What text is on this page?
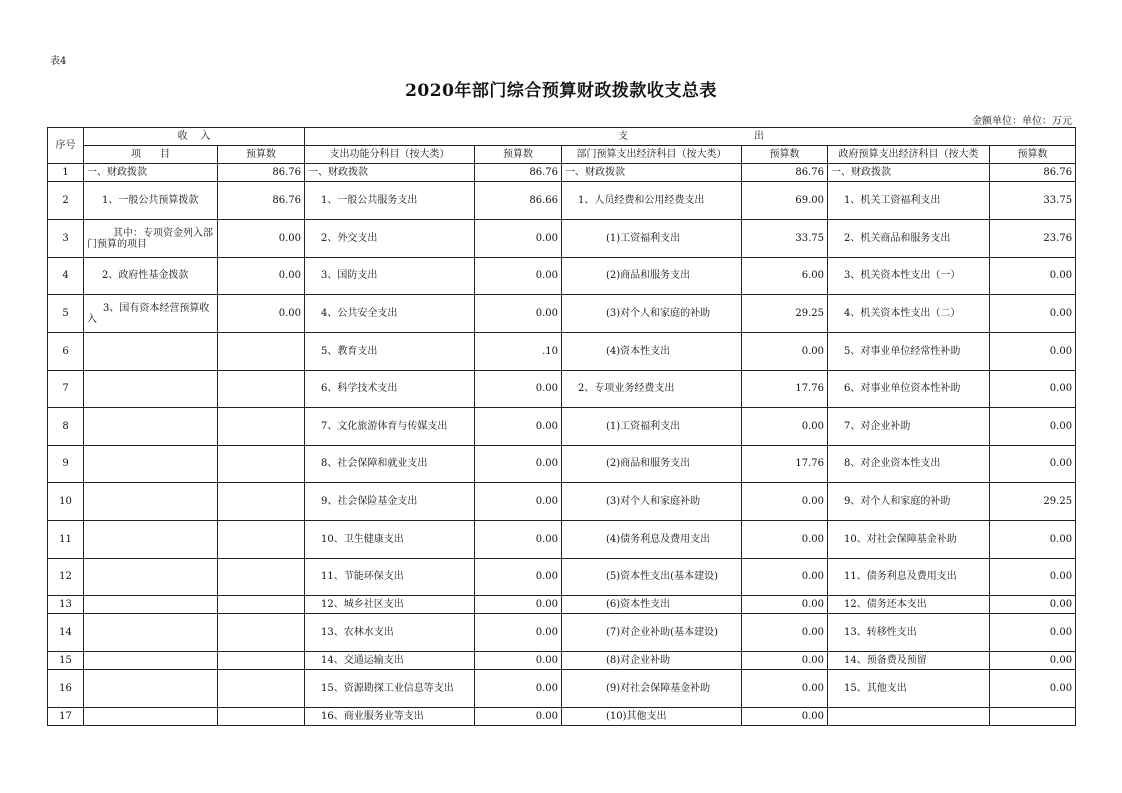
表4
2020年部门综合预算财政拨款收支总表
金额单位：单位：万元
序号	收    入		支 出					

	项      目	预算数	支出功能分科目（按大类）	预算数	部门预算支出经济科目（按大类）	预算数	政府预算支出经济科目（按大类	预算数
1	一、财政拨款	86.76	一、财政拨款	86.76	一、财政拨款	86.76	一、财政拨款	86.76
2	1、一般公共预算拨款	86.76	1、一般公共服务支出	86.66	1、人员经费和公用经费支出	69.00	1、机关工资福利支出	33.75
3	其中：专项资金列入部门预算的项目	0.00	2、外交支出	0.00	(1)工资福利支出	33.75	2、机关商品和服务支出	23.76
4	2、政府性基金拨款	0.00	3、国防支出	0.00	(2)商品和服务支出	6.00	3、机关资本性支出（一）	0.00
5	3、国有资本经营预算收入	0.00	4、公共安全支出	0.00	(3)对个人和家庭的补助	29.25	4、机关资本性支出（二）	0.00
6			5、教育支出	.10	(4)资本性支出	0.00	5、对事业单位经常性补助	0.00
7			6、科学技术支出	0.00	2、专项业务经费支出	17.76	6、对事业单位资本性补助	0.00
8			7、文化旅游体育与传媒支出	0.00	(1)工资福利支出	0.00	7、对企业补助	0.00
9			8、社会保障和就业支出	0.00	(2)商品和服务支出	17.76	8、对企业资本性支出	0.00
10			9、社会保险基金支出	0.00	(3)对个人和家庭补助	0.00	9、对个人和家庭的补助	29.25
11			10、卫生健康支出	0.00	(4)债务利息及费用支出	0.00	10、对社会保障基金补助	0.00
12			11、节能环保支出	0.00	(5)资本性支出(基本建设)	0.00	11、债务利息及费用支出	0.00
13			12、城乡社区支出	0.00	(6)资本性支出	0.00	12、债务还本支出	0.00
14			13、农林水支出	0.00	(7)对企业补助(基本建设)	0.00	13、转移性支出	0.00
15			14、交通运输支出	0.00	(8)对企业补助	0.00	14、预备费及预留	0.00
16			15、资源勘探工业信息等支出	0.00	(9)对社会保障基金补助	0.00	15、其他支出	0.00
17			16、商业服务业等支出	0.00	(10)其他支出	0.00		
